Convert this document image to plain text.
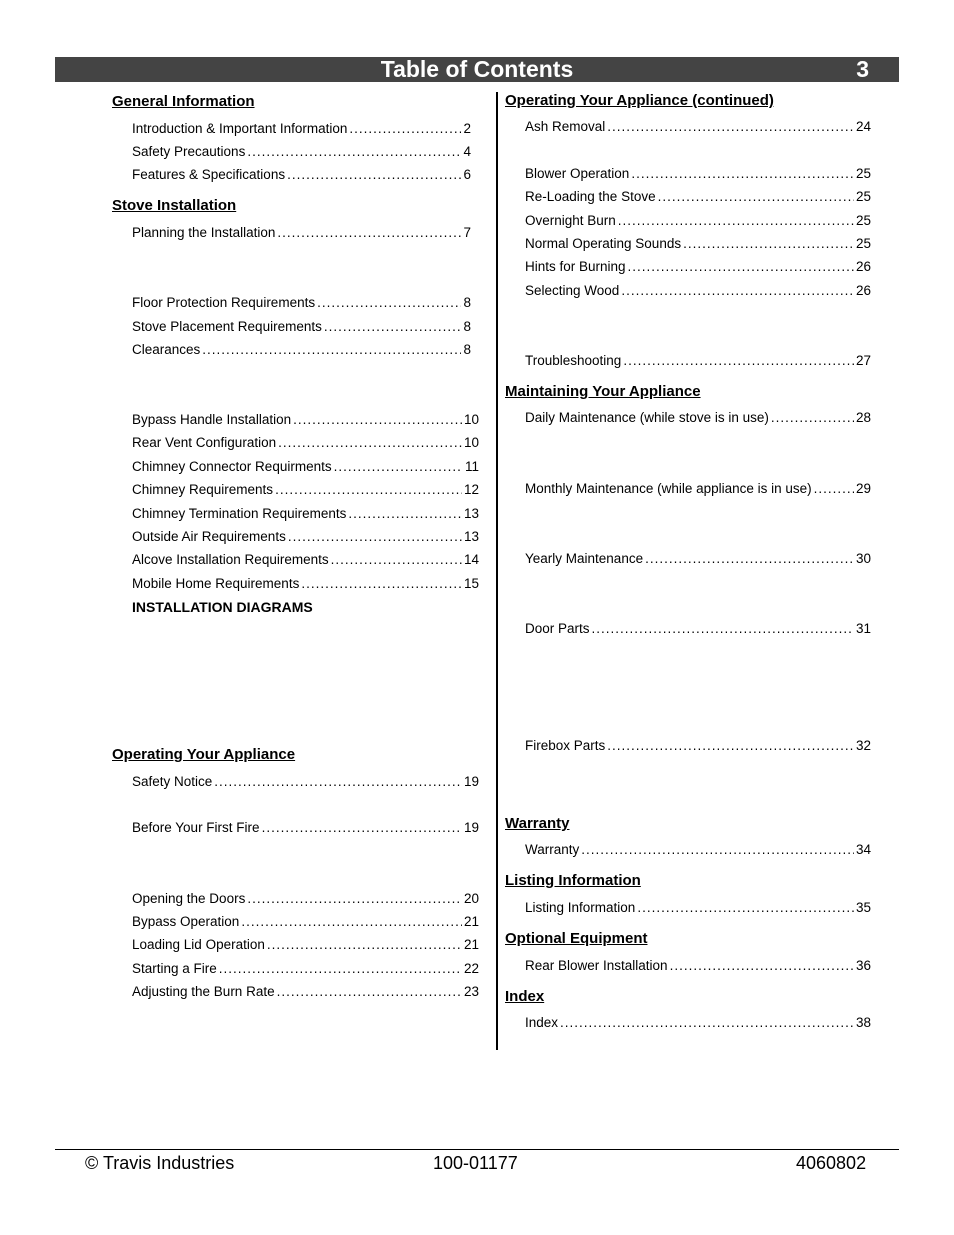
Table of Contents	3
General Information
Introduction & Important Information .....	2
Safety Precautions .....	4
Features & Specifications .....	6
Stove Installation
Planning the Installation .....	7
Floor Protection Requirements .....	8
Stove Placement Requirements .....	8
Clearances .....	8
Bypass Handle Installation .....	10
Rear Vent Configuration .....	10
Chimney Connector Requirments .....	11
Chimney Requirements .....	12
Chimney Termination Requirements .....	13
Outside Air Requirements .....	13
Alcove Installation Requirements .....	14
Mobile Home Requirements .....	15
INSTALLATION DIAGRAMS
Operating Your Appliance
Safety Notice .....	19
Before Your First Fire .....	19
Opening the Doors .....	20
Bypass Operation .....	21
Loading Lid Operation .....	21
Starting a Fire .....	22
Adjusting the Burn Rate .....	23
Operating Your Appliance (continued)
Ash Removal .....	24
Blower Operation .....	25
Re-Loading the Stove .....	25
Overnight Burn .....	25
Normal Operating Sounds .....	25
Hints for Burning .....	26
Selecting Wood .....	26
Troubleshooting .....	27
Maintaining Your Appliance
Daily Maintenance (while stove is in use) .....	28
Monthly Maintenance (while appliance is in use) .....	29
Yearly Maintenance .....	30
Door Parts .....	31
Firebox Parts .....	32
Warranty
Warranty .....	34
Listing Information
Listing Information .....	35
Optional Equipment
Rear Blower Installation .....	36
Index
Index .....	38
© Travis Industries	100-01177	4060802
